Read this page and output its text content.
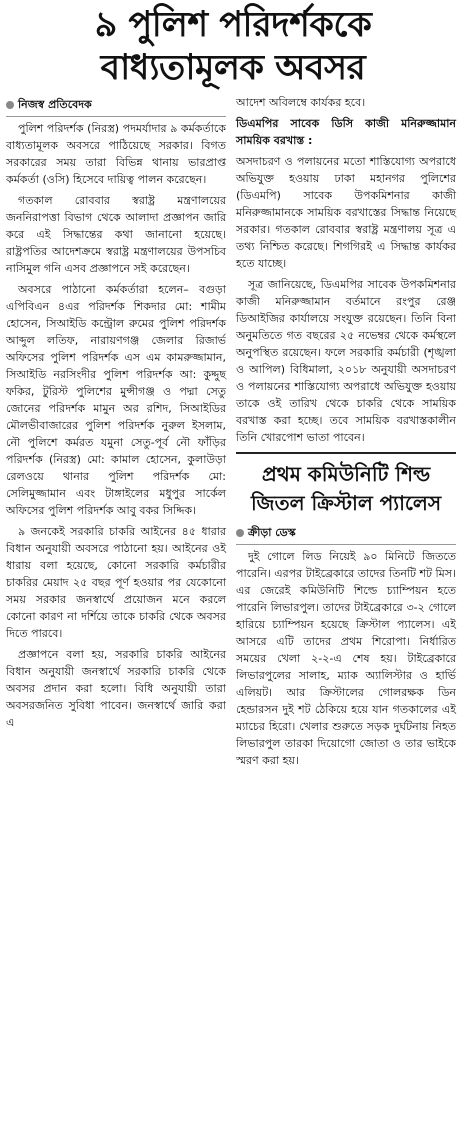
৯ পুলিশ পরিদর্শককে
বাধ্যতামূলক অবসর
নিজস্ব প্রতিবেদক

পুলিশ পরিদর্শক (নিরস্ত্র) পদমর্যাদার ৯ কর্মকর্তাকে বাধ্যতামূলক অবসরে পাঠিয়েছে সরকার। বিগত সরকারের সময় তারা বিভিন্ন থানায় ভারপ্রাপ্ত কর্মকর্তা (ওসি) হিসেবে দায়িত্ব পালন করেছেন।

গতকাল রোববার স্বরাষ্ট্র মন্ত্রণালয়ের জননিরাপত্তা বিভাগ থেকে আলাদা প্রজ্ঞাপন জারি করে এই সিদ্ধান্তের কথা জানানো হয়েছে। রাষ্ট্রপতির আদেশক্রমে স্বরাষ্ট্র মন্ত্রণালয়ের উপসচিব নাসিমুল গনি এসব প্রজ্ঞাপনে সই করেছেন।

অবসরে পাঠানো কর্মকর্তারা হলেন– বগুড়া এপিবিএন ৪এর পরিদর্শক শিকদার মো: শামীম হোসেন, সিআইডি কন্ট্রোল রুমের পুলিশ পরিদর্শক আব্দুল লতিফ, নারায়ণগঞ্জ জেলার রিজার্ভ অফিসের পুলিশ পরিদর্শক এস এম কামরুজ্জামান, সিআইডি নরসিংদীর পুলিশ পরিদর্শক আ: কুদ্দুছ ফকির, টুরিস্ট পুলিশের মুন্সীগঞ্জ ও পদ্মা সেতু জোনের পরিদর্শক মামুন অর রশিদ, সিআইডির মৌলভীবাজারের পুলিশ পরিদর্শক নুরুল ইসলাম, নৌ পুলিশে কর্মরত যমুনা সেতু-পূর্ব নৌ ফাঁড়ির পরিদর্শক (নিরস্ত্র) মো: কামাল হোসেন, কুলাউড়া রেলওয়ে থানার পুলিশ পরিদর্শক মো: সেলিমুজ্জামান এবং টাঙ্গাইলের মধুপুর সার্কেল অফিসের পুলিশ পরিদর্শক আবু বকর সিদ্দিক।

৯ জনকেই সরকারি চাকরি আইনের ৪৫ ধারার বিধান অনুযায়ী অবসরে পাঠানো হয়। আইনের ওই ধারায় বলা হয়েছে, কোনো সরকারি কর্মচারীর চাকরির মেয়াদ ২৫ বছর পূর্ণ হওয়ার পর যেকোনো সময় সরকার জনস্বার্থে প্রয়োজন মনে করলে কোনো কারণ না দর্শিয়ে তাকে চাকরি থেকে অবসর দিতে পারবে।

প্রজ্ঞাপনে বলা হয়, সরকারি চাকরি আইনের বিধান অনুযায়ী জনস্বার্থে সরকারি চাকরি থেকে অবসর প্রদান করা হলো। বিধি অনুযায়ী তারা অবসরজনিত সুবিধা পাবেন। জনস্বার্থে জারি করা এ

আদেশ অবিলম্বে কার্যকর হবে।

ডিএমপির সাবেক ডিসি কাজী মনিরুজ্জামান সাময়িক বরখাস্ত :

অসদাচরণ ও পলায়নের মতো শাস্তিযোগ্য অপরাধে অভিযুক্ত হওয়ায় ঢাকা মহানগর পুলিশের (ডিএমপি) সাবেক উপকমিশনার কাজী মনিরুজ্জামানকে সাময়িক বরখাস্তের সিদ্ধান্ত নিয়েছে সরকার। গতকাল রোববার স্বরাষ্ট্র মন্ত্রণালয় সূত্র এ তথ্য নিশ্চিত করেছে। শিগগিরই এ সিদ্ধান্ত কার্যকর হতে যাচ্ছে।

সূত্র জানিয়েছে, ডিএমপির সাবেক উপকমিশনার কাজী মনিরুজ্জামান বর্তমানে রংপুর রেঞ্জ ডিআইজির কার্যালয়ে সংযুক্ত রয়েছেন। তিনি বিনা অনুমতিতে গত বছরের ২৫ নভেম্বর থেকে কর্মস্থলে অনুপস্থিত রয়েছেন। ফলে সরকারি কর্মচারী (শৃঙ্খলা ও আপিল) বিধিমালা, ২০১৮ অনুযায়ী অসদাচরণ ও পলায়নের শাস্তিযোগ্য অপরাধে অভিযুক্ত হওয়ায় তাকে ওই তারিখ থেকে চাকরি থেকে সাময়িক বরখাস্ত করা হচ্ছে। তবে সাময়িক বরখাস্তকালীন তিনি খোরপোশ ভাতা পাবেন।

প্রথম কমিউনিটি শিল্ড জিতল ক্রিস্টাল প্যালেস
ক্রীড়া ডেস্ক

দুই গোলে লিড নিয়েই ৯০ মিনিটে জিততে পারেনি। এরপর টাইব্রেকারে তাদের তিনটি শট মিস। এর জেরেই কমিউনিটি শিল্ডে চ্যাম্পিয়ন হতে পারেনি লিভারপুল। তাদের টাইব্রেকারে ৩-২ গোলে হারিয়ে চ্যাম্পিয়ন হয়েছে ক্রিস্টাল প্যালেস। এই আসরে এটি তাদের প্রথম শিরোপা। নির্ধারিত সময়ের খেলা ২-২-এ শেষ হয়। টাইব্রেকারে লিভারপুলের সালাহ, ম্যাক অ্যালিস্টার ও হার্ভি এলিয়ট। আর ক্রিস্টালের গোলরক্ষক ডিন হেন্ডারসন দুই শট ঠেকিয়ে হয়ে যান গতকালের এই ম্যাচের হিরো। খেলার শুরুতে সড়ক দুর্ঘটনায় নিহত লিভারপুল তারকা দিয়োগো জোতা ও তার ভাইকে স্মরণ করা হয়।
